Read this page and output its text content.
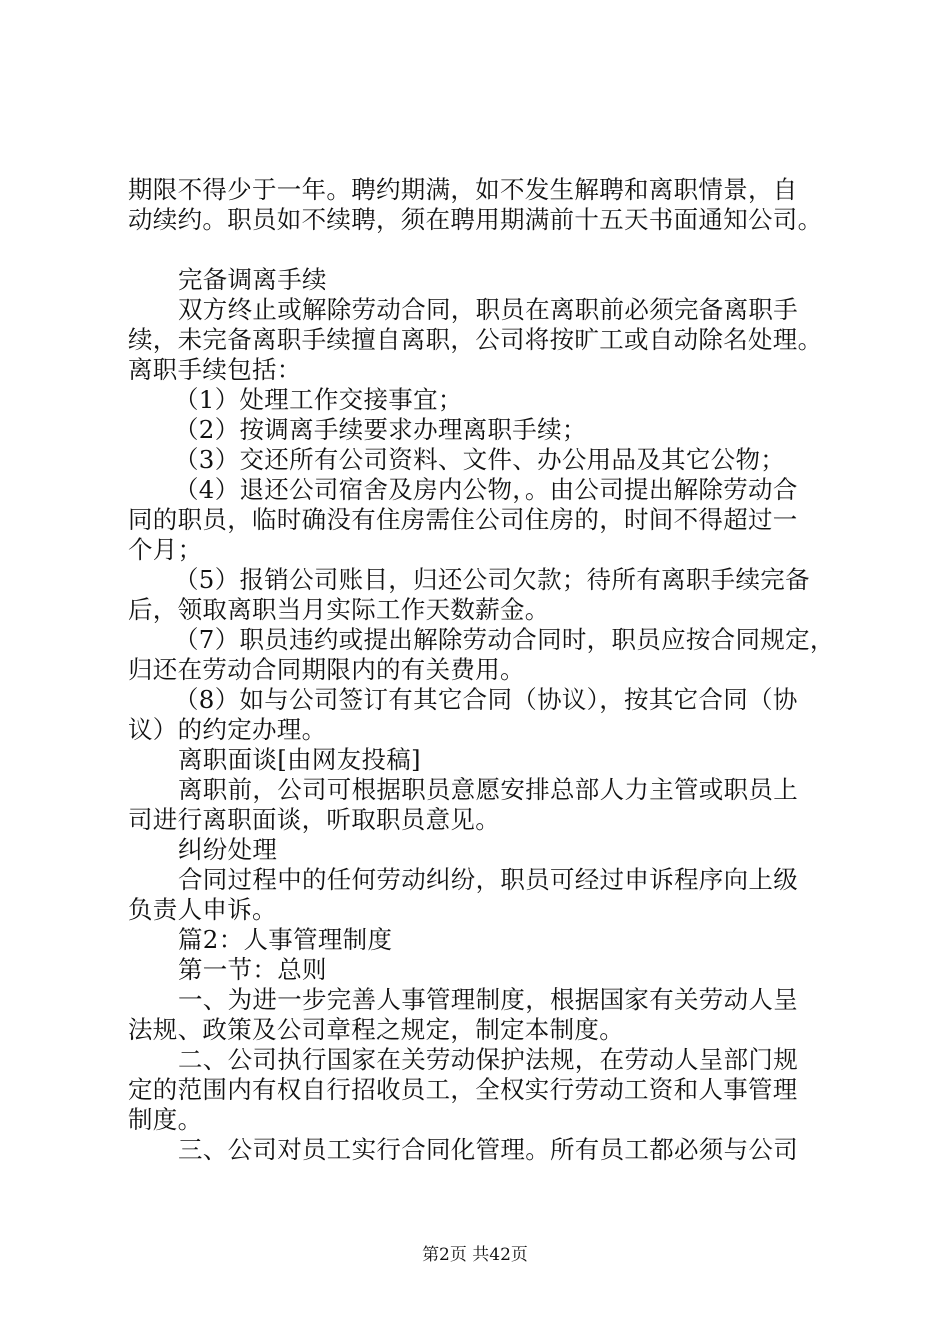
期限不得少于一年。聘约期满，如不发生解聘和离职情景，自
动续约。职员如不续聘，须在聘用期满前十五天书面通知公司。
完备调离手续
双方终止或解除劳动合同，职员在离职前必须完备离职手
续，未完备离职手续擅自离职，公司将按旷工或自动除名处理。
离职手续包括：
（1）处理工作交接事宜；
（2）按调离手续要求办理离职手续；
（3）交还所有公司资料、文件、办公用品及其它公物；
（4）退还公司宿舍及房内公物，。由公司提出解除劳动合
同的职员，临时确没有住房需住公司住房的，时间不得超过一
个月；
（5）报销公司账目，归还公司欠款；待所有离职手续完备
后，领取离职当月实际工作天数薪金。
（7）职员违约或提出解除劳动合同时，职员应按合同规定，
归还在劳动合同期限内的有关费用。
（8）如与公司签订有其它合同（协议），按其它合同（协
议）的约定办理。
离职面谈[由网友投稿]
离职前，公司可根据职员意愿安排总部人力主管或职员上
司进行离职面谈，听取职员意见。
纠纷处理
合同过程中的任何劳动纠纷，职员可经过申诉程序向上级
负责人申诉。
篇2：人事管理制度
第一节：总则
一、为进一步完善人事管理制度，根据国家有关劳动人呈
法规、政策及公司章程之规定，制定本制度。
二、公司执行国家在关劳动保护法规，在劳动人呈部门规
定的范围内有权自行招收员工，全权实行劳动工资和人事管理
制度。
三、公司对员工实行合同化管理。所有员工都必须与公司
第2页 共42页
